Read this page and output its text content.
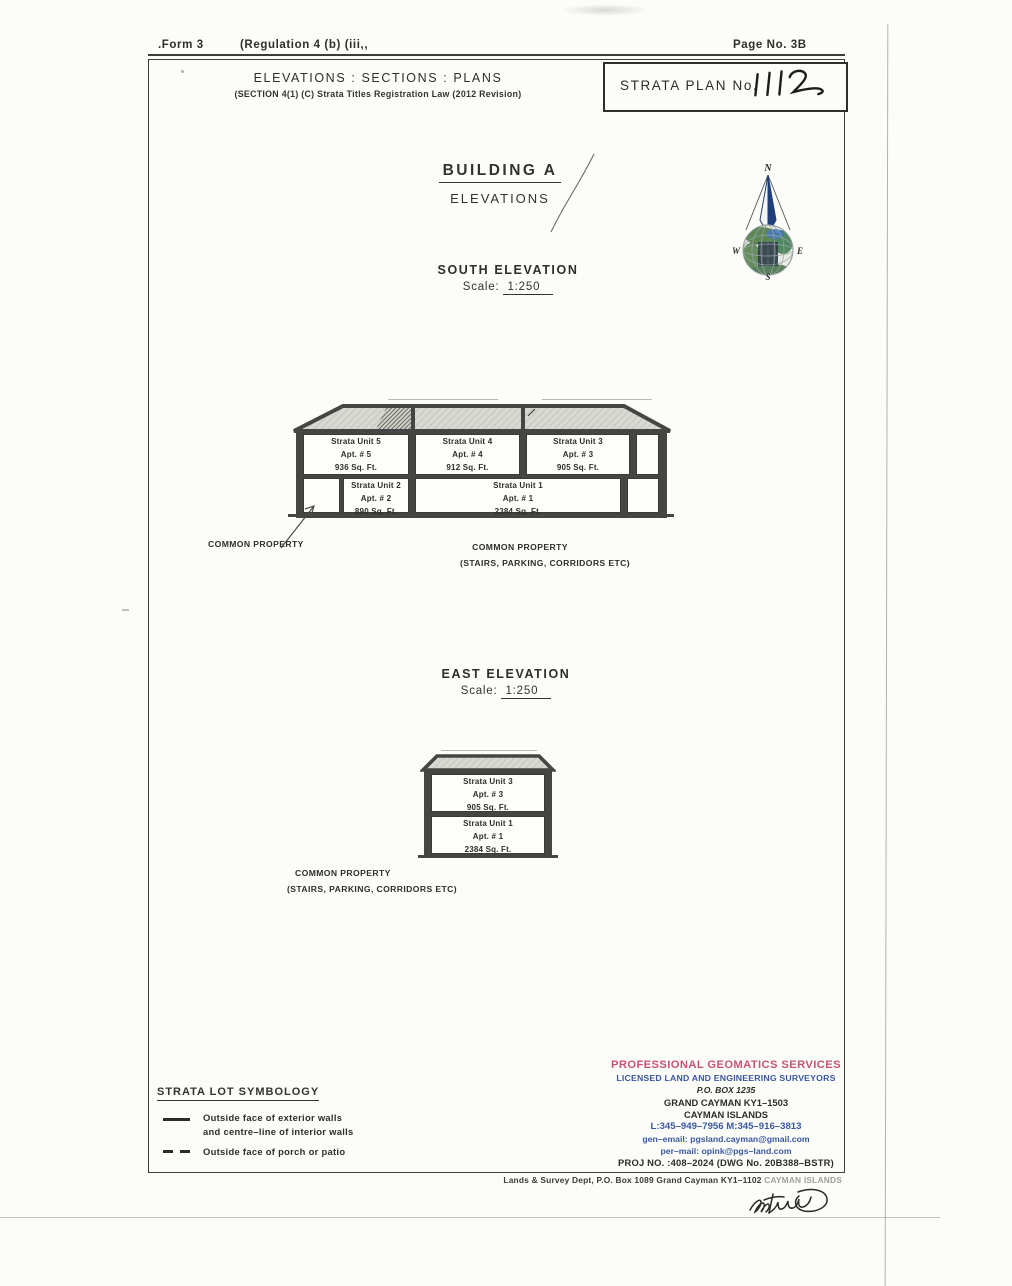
.Form 3	(Regulation 4 (b) (iii,,	Page No. 3B
STRATA PLAN No.
ELEVATIONS : SECTIONS : PLANS
(SECTION 4(1) (C) Strata Titles Registration Law (2012 Revision)
BUILDING A
ELEVATIONS
N
W	E
S
SOUTH ELEVATION
Scale: 1:250
Strata Unit 5
Apt. # 5
936 Sq. Ft.
Strata Unit 4
Apt. # 4
912 Sq. Ft.
Strata Unit 3
Apt. # 3
905 Sq. Ft.
Strata Unit 2
Apt. # 2
890 Sq. Ft.
Strata Unit 1
Apt. # 1
2384 Sq. Ft.
COMMON PROPERTY	COMMON PROPERTY
(STAIRS, PARKING, CORRIDORS ETC)
EAST ELEVATION
Scale: 1:250
Strata Unit 3
Apt. # 3
905 Sq. Ft.
Strata Unit 1
Apt. # 1
2384 Sq. Ft.
COMMON PROPERTY
(STAIRS, PARKING, CORRIDORS ETC)
STRATA LOT SYMBOLOGY
Outside face of exterior walls
and centre–line of interior walls
Outside face of porch or patio
PROFESSIONAL GEOMATICS SERVICES
LICENSED LAND AND ENGINEERING SURVEYORS
P.O. BOX 1235
GRAND CAYMAN KY1–1503
CAYMAN ISLANDS
L:345–949–7956 M:345–916–3813
gen–email: pgsland.cayman@gmail.com
per–mail: opink@pgs–land.com
PROJ NO. :408–2024 (DWG No. 20B388–BSTR)
Lands & Survey Dept, P.O. Box 1089 Grand Cayman KY1–1102 CAYMAN ISLANDS
